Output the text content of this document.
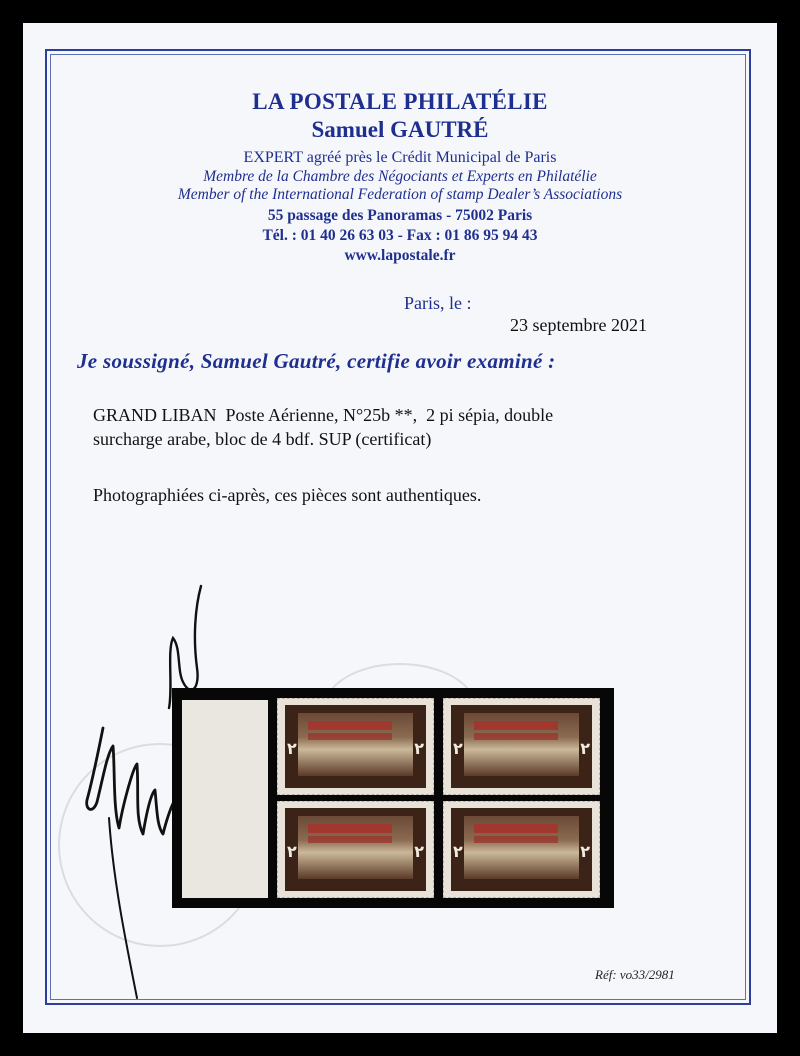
LA POSTALE PHILATÉLIE
Samuel GAUTRÉ
EXPERT agréé près le Crédit Municipal de Paris
Membre de la Chambre des Négociants et Experts en Philatélie
Member of the International Federation of stamp Dealer’s Associations
55 passage des Panoramas - 75002 Paris
Tél. : 01 40 26 63 03 - Fax : 01 86 95 94 43
www.lapostale.fr
Paris, le :
23 septembre 2021
Je soussigné, Samuel Gautré, certifie avoir examiné :
GRAND LIBAN  Poste Aérienne, N°25b **,  2 pi sépia, double
surcharge arabe, bloc de 4 bdf. SUP (certificat)
Photographiées ci-après, ces pièces sont authentiques.
٢	٢ ٢	٢
٢	٢ ٢	٢
Réf: vo33/2981
